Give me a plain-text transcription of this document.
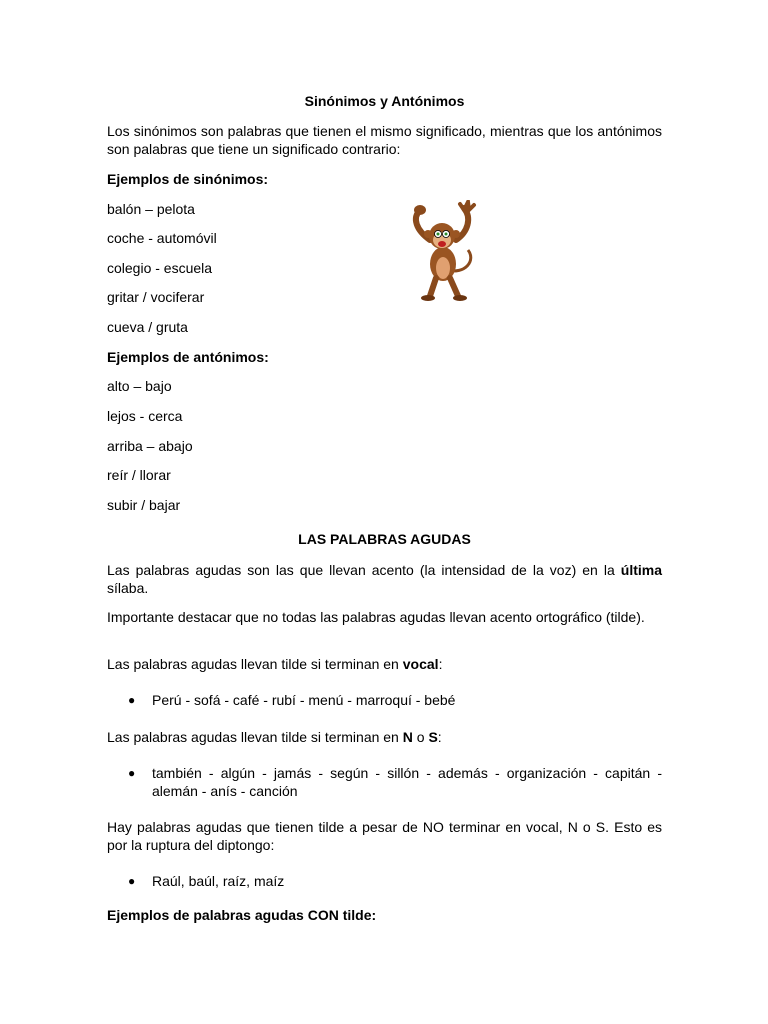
Sinónimos y Antónimos
Los sinónimos son palabras que tienen el mismo significado, mientras que los antónimos son palabras que tiene un significado contrario:
Ejemplos de sinónimos:
balón – pelota
coche - automóvil
colegio - escuela
gritar / vociferar
cueva / gruta
Ejemplos de antónimos:
alto – bajo
lejos - cerca
arriba – abajo
reír / llorar
subir / bajar
LAS PALABRAS AGUDAS
Las palabras agudas son las que llevan acento (la intensidad de la voz) en la última sílaba.
Importante destacar que no todas las palabras agudas llevan acento ortográfico (tilde).
Las palabras agudas llevan tilde si terminan en vocal:
● Perú - sofá - café - rubí - menú - marroquí - bebé
Las palabras agudas llevan tilde si terminan en N o S:
● también - algún - jamás - según - sillón - además - organización - capitán - alemán - anís - canción
Hay palabras agudas que tienen tilde a pesar de NO terminar en vocal, N o S. Esto es por la ruptura del diptongo:
● Raúl, baúl, raíz, maíz
Ejemplos de palabras agudas CON tilde:
